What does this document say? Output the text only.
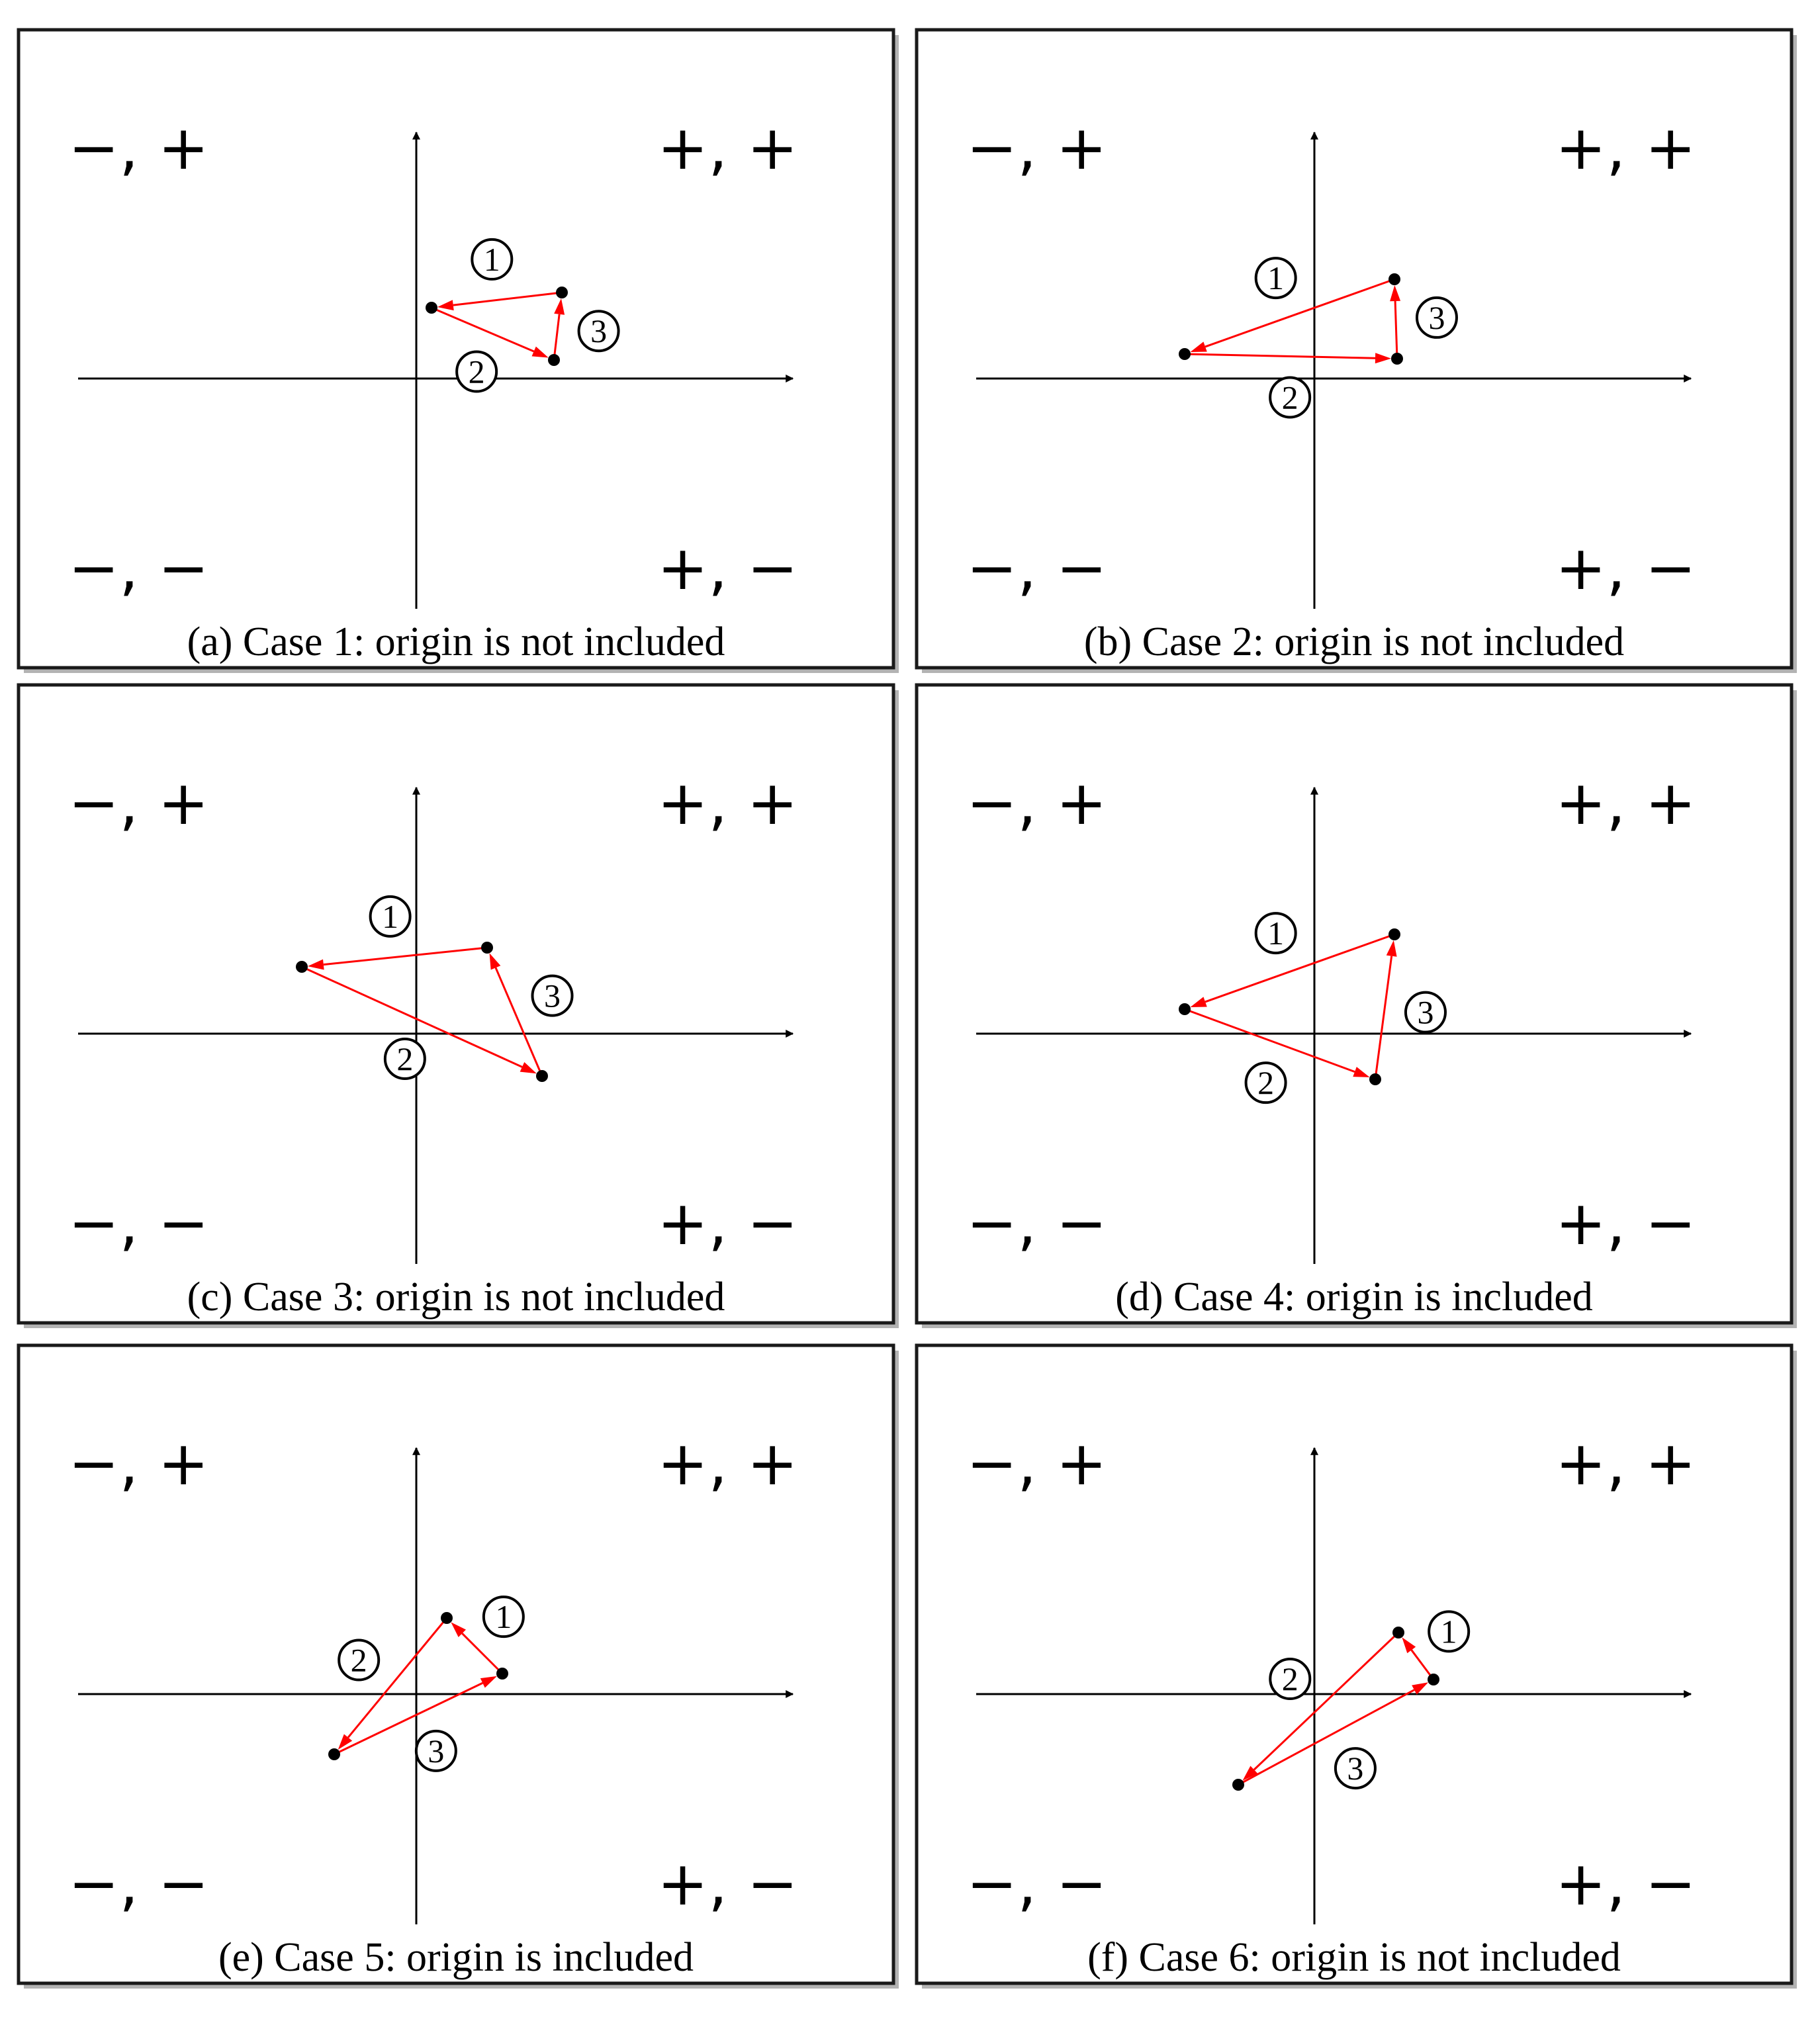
−, +	+, +
−, −	+, −
(a) Case 1: origin is not included
1
2
3
−, +	+, +
−, −	+, −
(b) Case 2: origin is not included
1
2
3
−, +	+, +
−, −	+, −
(c) Case 3: origin is not included
1
2
3
−, +	+, +
−, −	+, −
(d) Case 4: origin is included
1
2
3
−, +	+, +
−, −	+, −
(e) Case 5: origin is included
1
2
3
−, +	+, +
−, −	+, −
(f) Case 6: origin is not included
1
2
3
